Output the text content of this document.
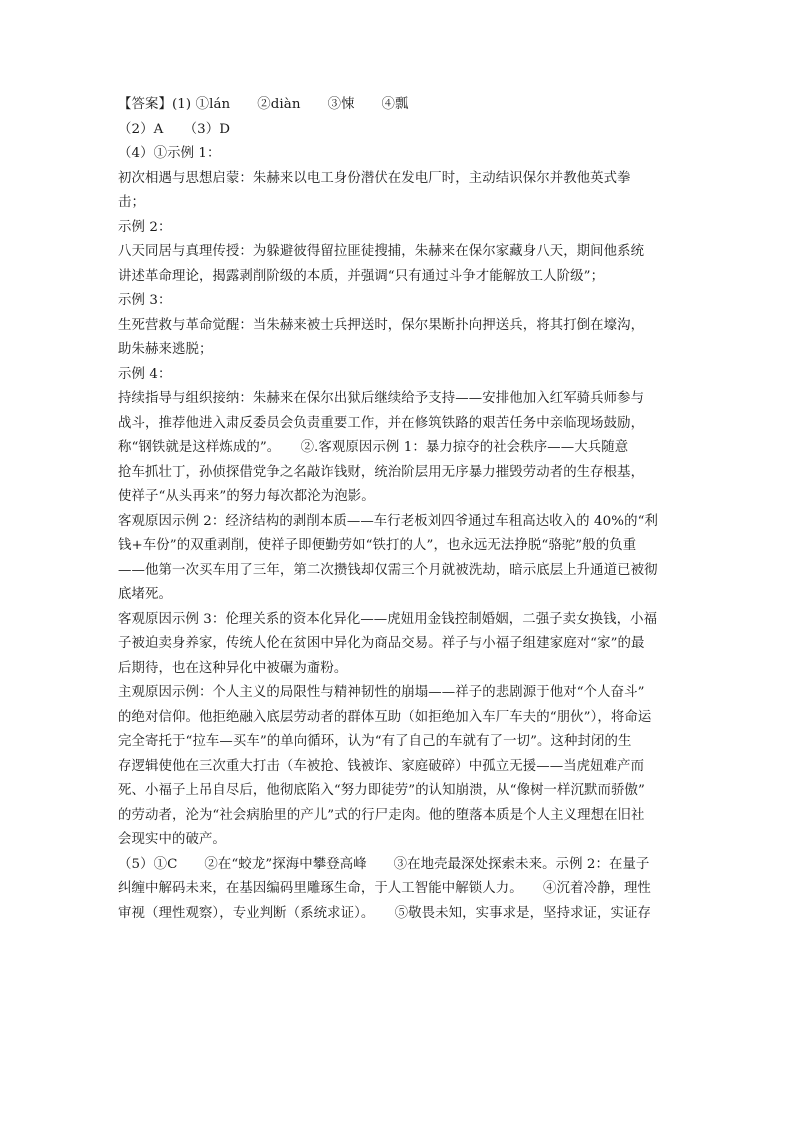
【答案】(1) ①lán　　②diàn　　③悚　　④瓢
（2）A　　（3）D
（4）①示例 1：
初次相遇与思想启蒙：朱赫来以电工身份潜伏在发电厂时，主动结识保尔并教他英式拳
击；
示例 2：
八天同居与真理传授：为躲避彼得留拉匪徒搜捕，朱赫来在保尔家藏身八天，期间他系统
讲述革命理论，揭露剥削阶级的本质，并强调“只有通过斗争才能解放工人阶级”；
示例 3：
生死营救与革命觉醒：当朱赫来被士兵押送时，保尔果断扑向押送兵，将其打倒在壕沟，
助朱赫来逃脱；
示例 4：
持续指导与组织接纳：朱赫来在保尔出狱后继续给予支持——安排他加入红军骑兵师参与
战斗，推荐他进入肃反委员会负责重要工作，并在修筑铁路的艰苦任务中亲临现场鼓励，
称“钢铁就是这样炼成的”。　　②.客观原因示例 1：暴力掠夺的社会秩序——大兵随意
抢车抓壮丁，孙侦探借党争之名敲诈钱财，统治阶层用无序暴力摧毁劳动者的生存根基，
使祥子“从头再来”的努力每次都沦为泡影。
客观原因示例 2：经济结构的剥削本质——车行老板刘四爷通过车租高达收入的 40%的“利
钱+车份”的双重剥削，使祥子即便勤劳如“铁打的人”，也永远无法挣脱“骆驼”般的负重
——他第一次买车用了三年，第二次攒钱却仅需三个月就被洗劫，暗示底层上升通道已被彻
底堵死。
客观原因示例 3：伦理关系的资本化异化——虎妞用金钱控制婚姻，二强子卖女换钱，小福
子被迫卖身养家，传统人伦在贫困中异化为商品交易。祥子与小福子组建家庭对“家”的最
后期待，也在这种异化中被碾为齑粉。
主观原因示例：个人主义的局限性与精神韧性的崩塌——祥子的悲剧源于他对“个人奋斗”
的绝对信仰。他拒绝融入底层劳动者的群体互助（如拒绝加入车厂车夫的“朋伙”），将命运
完全寄托于“拉车—买车”的单向循环，认为“有了自己的车就有了一切”。这种封闭的生
存逻辑使他在三次重大打击（车被抢、钱被诈、家庭破碎）中孤立无援——当虎妞难产而
死、小福子上吊自尽后，他彻底陷入“努力即徒劳”的认知崩溃，从“像树一样沉默而骄傲”
的劳动者，沦为“社会病胎里的产儿”式的行尸走肉。他的堕落本质是个人主义理想在旧社
会现实中的破产。
（5）①C　　②在“蛟龙”探海中攀登高峰　　③在地壳最深处探索未来。示例 2：在量子
纠缠中解码未来，在基因编码里雕琢生命，于人工智能中解锁人力。　　④沉着冷静，理性
审视（理性观察），专业判断（系统求证）。　　⑤敬畏未知，实事求是，坚持求证，实证存
